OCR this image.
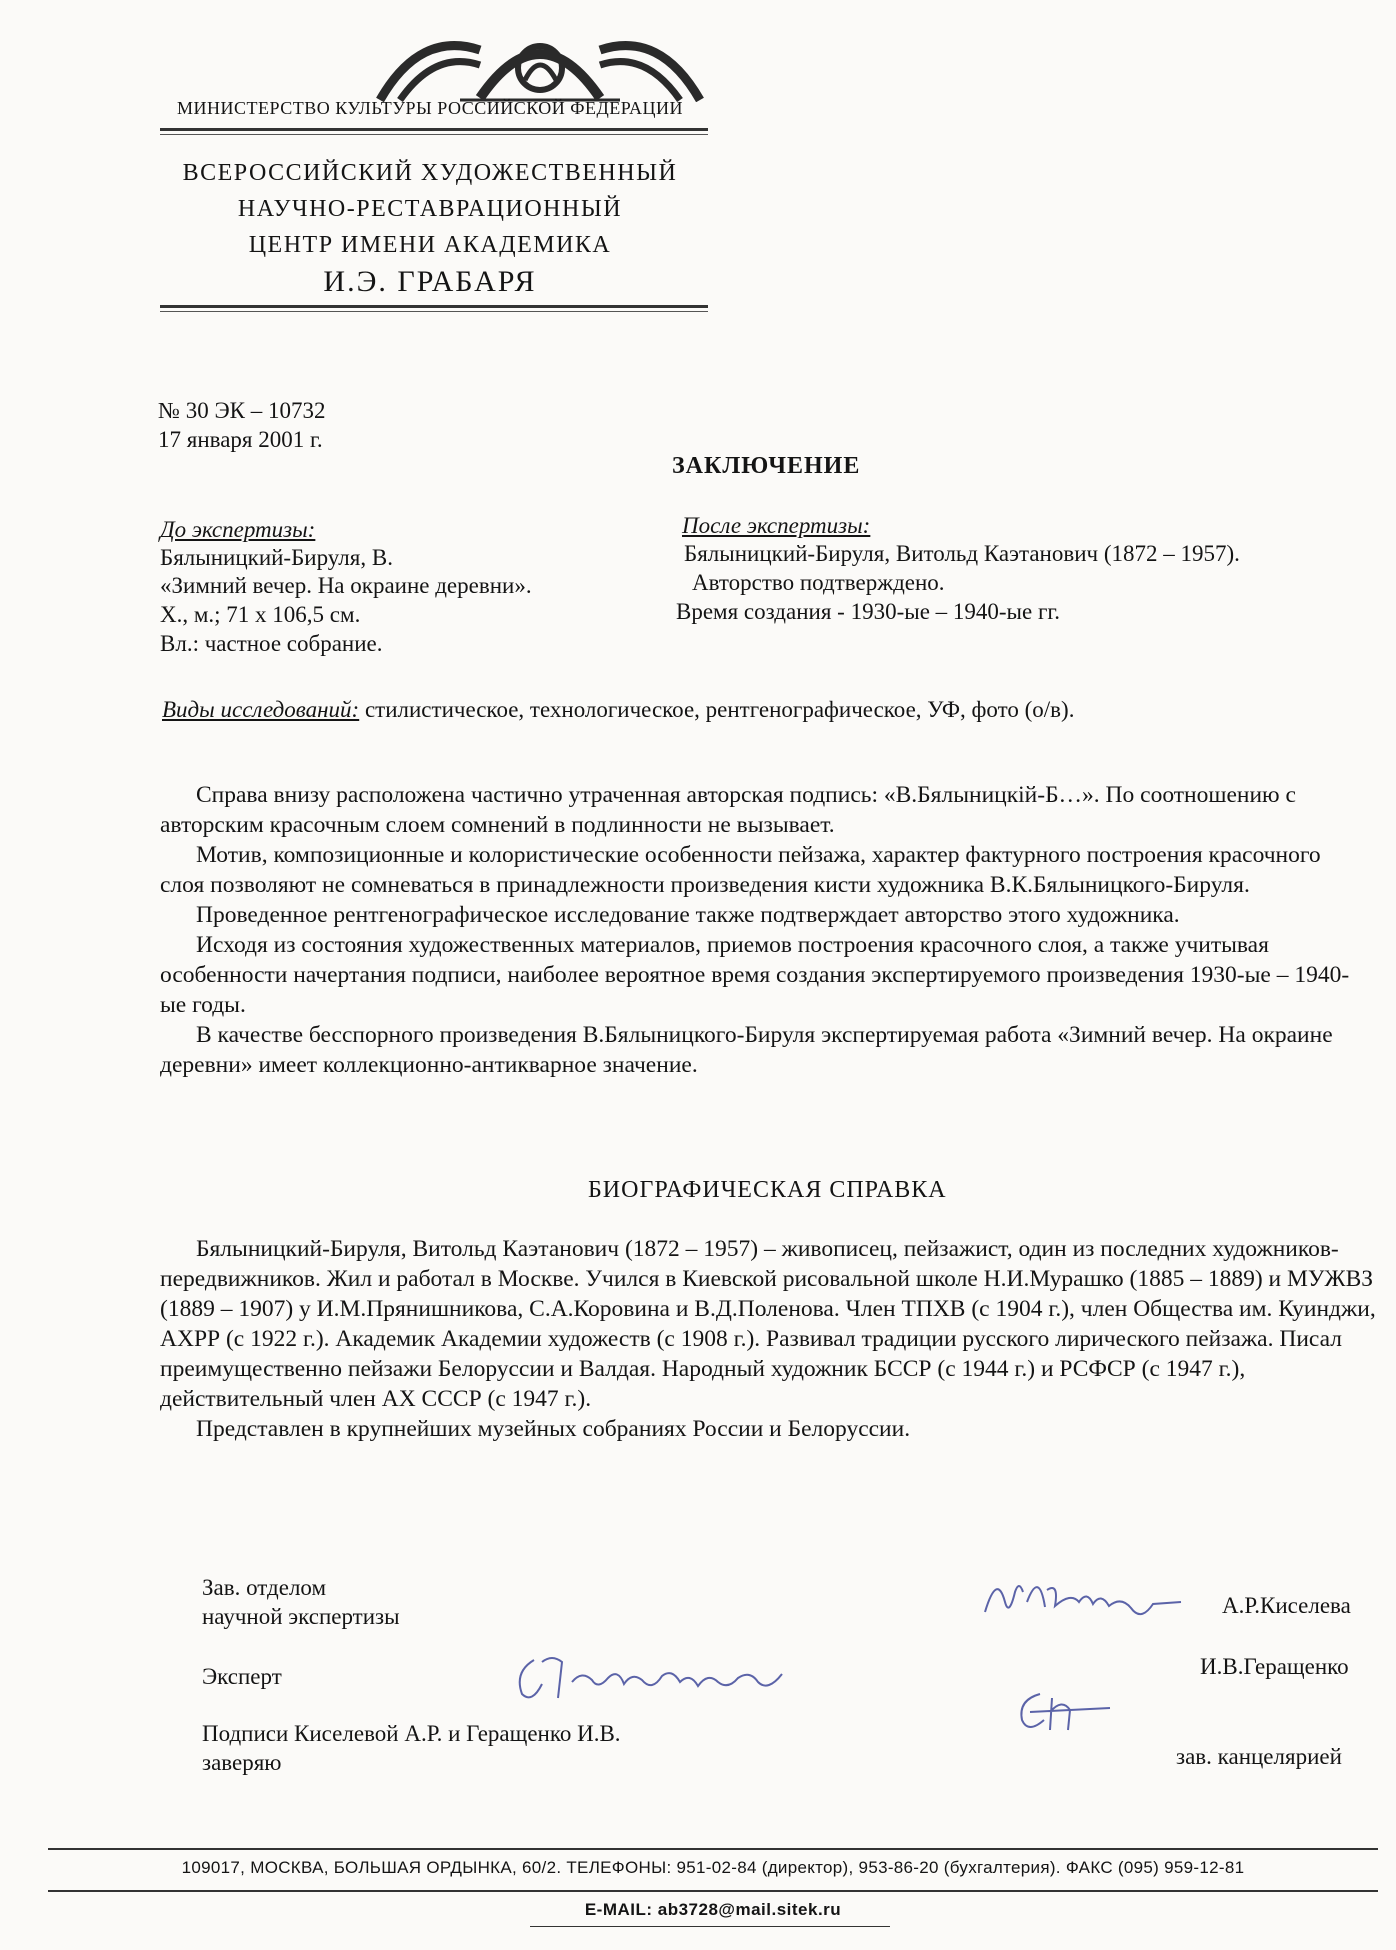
МИНИСТЕРСТВО КУЛЬТУРЫ РОССИЙСКОЙ ФЕДЕРАЦИИ
ВСЕРОССИЙСКИЙ ХУДОЖЕСТВЕННЫЙ
НАУЧНО-РЕСТАВРАЦИОННЫЙ
ЦЕНТР ИМЕНИ АКАДЕМИКА
И.Э. ГРАБАРЯ
№ 30 ЭК – 10732
17 января 2001 г.
ЗАКЛЮЧЕНИЕ
До экспертизы:
Бялыницкий-Бируля, В.
«Зимний вечер. На окраине деревни».
Х., м.; 71 х 106,5 см.
Вл.: частное собрание.
После экспертизы:
Бялыницкий-Бируля, Витольд Каэтанович (1872 – 1957).
Авторство подтверждено.
Время создания - 1930-ые – 1940-ые гг.
Виды исследований: стилистическое, технологическое, рентгенографическое, УФ, фото (о/в).

Справа внизу расположена частично утраченная авторская подпись: «В.Бялыницкій-Б…». По соотношению с авторским красочным слоем сомнений в подлинности не вызывает.

Мотив, композиционные и колористические особенности пейзажа, характер фактурного построения красочного слоя позволяют не сомневаться в принадлежности произведения кисти художника В.К.Бялыницкого-Бируля.

Проведенное рентгенографическое исследование также подтверждает авторство этого художника.

Исходя из состояния художественных материалов, приемов построения красочного слоя, а также учитывая особенности начертания подписи, наиболее вероятное время создания экспертируемого произведения 1930-ые – 1940-ые годы.

В качестве бесспорного произведения В.Бялыницкого-Бируля экспертируемая работа «Зимний вечер. На окраине деревни» имеет коллекционно-антикварное значение.

БИОГРАФИЧЕСКАЯ СПРАВКА

Бялыницкий-Бируля, Витольд Каэтанович (1872 – 1957) – живописец, пейзажист, один из последних художников-передвижников. Жил и работал в Москве. Учился в Киевской рисовальной школе Н.И.Мурашко (1885 – 1889) и МУЖВЗ (1889 – 1907) у И.М.Прянишникова, С.А.Коровина и В.Д.Поленова. Член ТПХВ (с 1904 г.), член Общества им. Куинджи, АХРР (с 1922 г.). Академик Академии художеств (с 1908 г.). Развивал традиции русского лирического пейзажа. Писал преимущественно пейзажи Белоруссии и Валдая. Народный художник БССР (с 1944 г.) и РСФСР (с 1947 г.), действительный член АХ СССР (с 1947 г.).

Представлен в крупнейших музейных собраниях России и Белоруссии.

Зав. отделом
научной экспертизы	А.Р.Киселева
Эксперт	И.В.Геращенко
Подписи Киселевой А.Р. и Геращенко И.В.
заверяю	зав. канцелярией
109017, МОСКВА, БОЛЬШАЯ ОРДЫНКА, 60/2. ТЕЛЕФОНЫ: 951-02-84 (директор), 953-86-20 (бухгалтерия). ФАКС (095) 959-12-81
E-MAIL: ab3728@mail.sitek.ru
